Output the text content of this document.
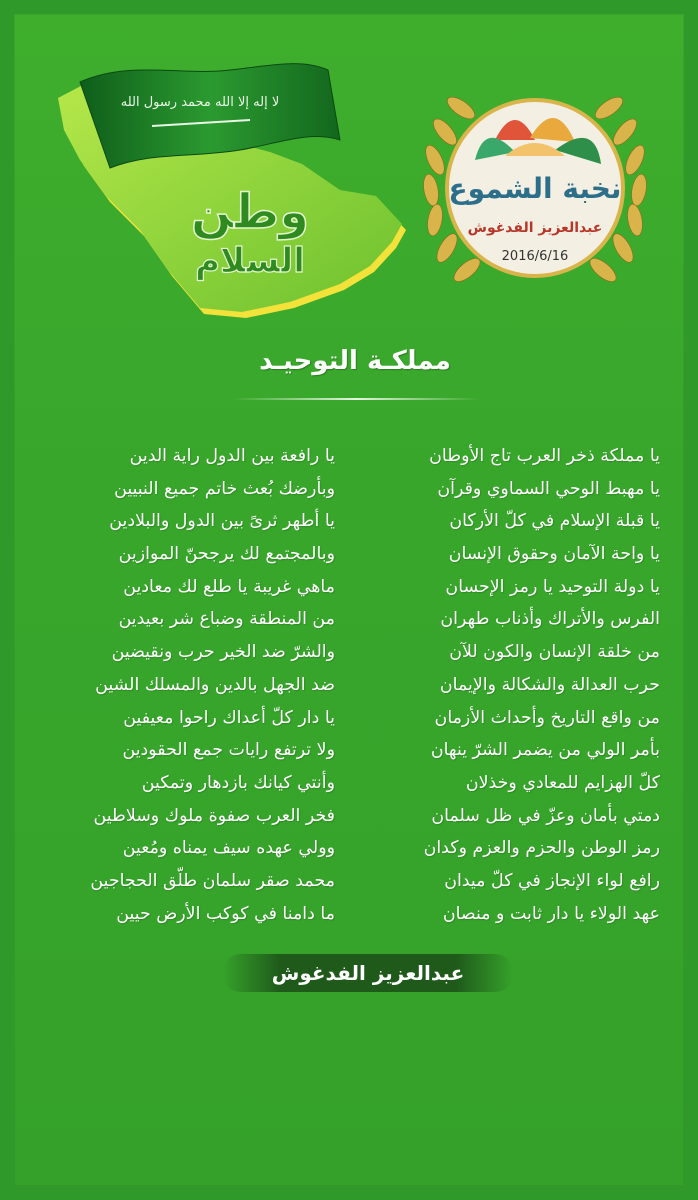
لا إله إلا الله محمد رسول الله
وطن
السلام
نخبة الشموع
عبدالعزيز الفدغوش
2016/6/16
مملكـة التوحيـد
يا مملكة ذخر العرب تاج الأوطان
يا مهبط الوحي السماوي وقرآن
يا قبلة الإسلام في كلّ الأركان
يا واحة الآمان وحقوق الإنسان
يا دولة التوحيد يا رمز الإحسان
الفرس والأتراك وأذناب طهران
من خلقة الإنسان والكون للآن
حرب العدالة والشكالة والإيمان
من واقع التاريخ وأحداث الأزمان
بأمر الولي من يضمر الشرّ ينهان
كلّ الهزايم للمعادي وخذلان
دمتي بأمان وعزّ في ظل سلمان
رمز الوطن والحزم والعزم وكدان
رافع لواء الإنجاز في كلّ ميدان
عهد الولاء يا دار ثابت و منصان
يا رافعة بين الدول راية الدين
وبأرضك بُعث خاتم جميع النبيين
يا أطهر ثرىً بين الدول والبلادين
وبالمجتمع لك يرجحنّ الموازين
ماهي غريبة يا طلع لك معادين
من المنطقة وضباع شر بعيدين
والشرّ ضد الخير حرب ونقيضين
ضد الجهل بالدين والمسلك الشين
يا دار كلّ أعداك راحوا معيفين
ولا ترتفع رايات جمع الحقودين
وأنتي كيانك بازدهار وتمكين
فخر العرب صفوة ملوك وسلاطين
وولي عهده سيف يمناه ومُعين
محمد صقر سلمان طلّق الحجاجين
ما دامنا في كوكب الأرض حيين
عبدالعزيز الفدغوش
